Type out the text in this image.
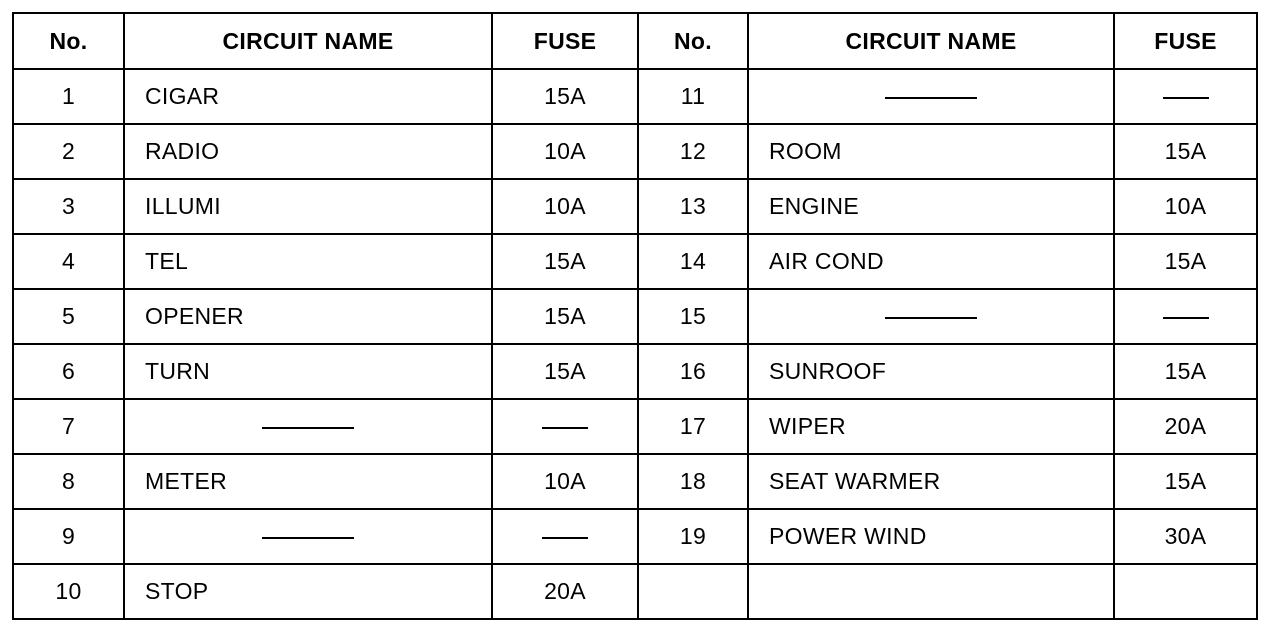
No.	CIRCUIT NAME	FUSE
1	CIGAR	15A
2	RADIO	10A
3	ILLUMI	10A
4	TEL	15A
5	OPENER	15A
6	TURN	15A
7		
8	METER	10A
9		
10	STOP	20A
No.	CIRCUIT NAME	FUSE
11		
12	ROOM	15A
13	ENGINE	10A
14	AIR COND	15A
15		
16	SUNROOF	15A
17	WIPER	20A
18	SEAT WARMER	15A
19	POWER WIND	30A
